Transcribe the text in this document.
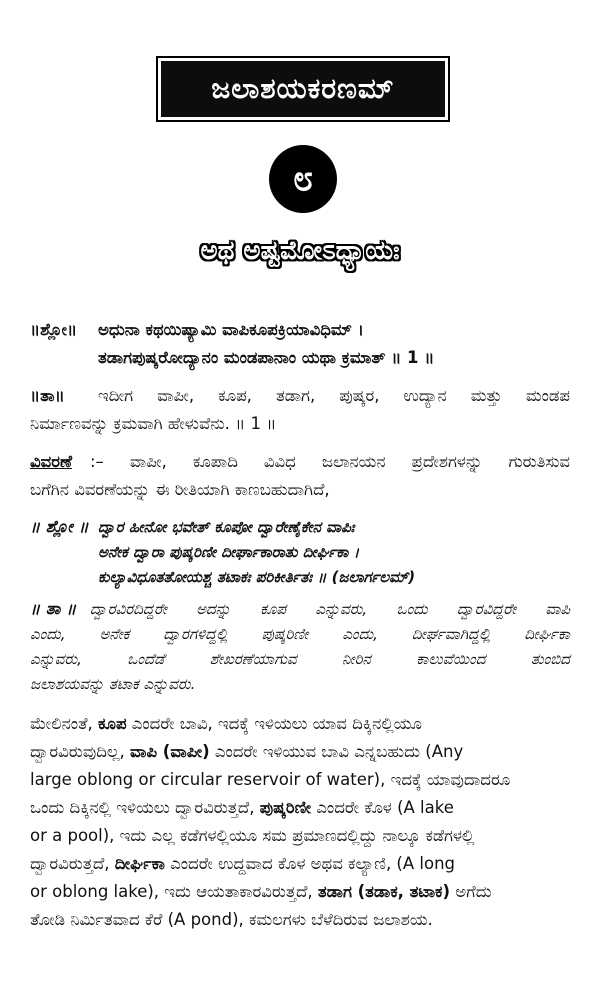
ಜಲಾಶಯಕರಣಮ್
೮
ಅಥ ಅಷ್ಟಮೋಽಧ್ಯಾಯಃ
॥ಶ್ಲೋ॥ ಅಧುನಾ ಕಥಯಿಷ್ಯಾಮಿ ವಾಪಿಕೂಪಕ್ರಿಯಾವಿಧಿಮ್ ।
ತಡಾಗಪುಷ್ಕರೋದ್ಯಾನಂ ಮಂಡಪಾನಾಂ ಯಥಾ ಕ್ರಮಾತ್ ॥ 1 ॥
॥ತಾ॥ ಇದೀಗ ವಾಪೀ, ಕೂಪ, ತಡಾಗ, ಪುಷ್ಕರ, ಉದ್ಯಾನ ಮತ್ತು ಮಂಡಪ
ನಿರ್ಮಾಣವನ್ನು ಕ್ರಮವಾಗಿ ಹೇಳುವೆನು. ॥ 1 ॥
ವಿವರಣೆ :– ವಾಪೀ, ಕೂಪಾದಿ ವಿವಿಧ ಜಲಾನಯನ ಪ್ರದೇಶಗಳನ್ನು ಗುರುತಿಸುವ
ಬಗೆಗಿನ ವಿವರಣೆಯನ್ನು ಈ ರೀತಿಯಾಗಿ ಕಾಣಬಹುದಾಗಿದೆ,
॥ ಶ್ಲೋ ॥ ದ್ವಾರ ಹೀನೋ ಭವೇತ್ ಕೂಪೋ ದ್ವಾರೇಣೈಕೇನ ವಾಪಿಃ
ಅನೇಕ ದ್ವಾರಾ ಪುಷ್ಕರಿಣೀ ದೀರ್ಘಾಕಾರಾತು ದೀರ್ಘಿಕಾ ।
ಕುಲ್ಯಾವಿಧೂತತೋಯಶ್ಚ ತಟಾಕಃ ಪರಿಕೀರ್ತಿತಃ ॥ (ಜಲಾರ್ಗಲಮ್)
॥ ತಾ ॥ ದ್ವಾರವಿರದಿದ್ದರೇ ಅದನ್ನು ಕೂಪ ಎನ್ನುವರು, ಒಂದು ದ್ವಾರವಿದ್ದರೇ ವಾಪಿ
ಎಂದು, ಅನೇಕ ದ್ವಾರಗಳಿದ್ದಲ್ಲಿ ಪುಷ್ಕರಿಣೀ ಎಂದು, ದೀರ್ಘವಾಗಿದ್ದಲ್ಲಿ ದೀರ್ಘಿಕಾ
ಎನ್ನುವರು, ಒಂದೆಡೆ ಶೇಖರಣೆಯಾಗುವ ನೀರಿನ ಕಾಲುವೆಯಿಂದ ತುಂಬಿದ
ಜಲಾಶಯವನ್ನು ತಟಾಕ ಎನ್ನುವರು.
ಮೇಲಿನಂತೆ, ಕೂಪ ಎಂದರೇ ಬಾವಿ, ಇದಕ್ಕೆ ಇಳಿಯಲು ಯಾವ ದಿಕ್ಕಿನಲ್ಲಿಯೂ
ದ್ವಾರವಿರುವುದಿಲ್ಲ, ವಾಪಿ (ವಾಪೀ) ಎಂದರೇ ಇಳಿಯುವ ಬಾವಿ ಎನ್ನಬಹುದು (Any
large oblong or circular reservoir of water), ಇದಕ್ಕೆ ಯಾವುದಾದರೂ
ಒಂದು ದಿಕ್ಕಿನಲ್ಲಿ ಇಳಿಯಲು ದ್ವಾರವಿರುತ್ತದೆ, ಪುಷ್ಕರಿಣೀ ಎಂದರೇ ಕೊಳ (A lake
or a pool), ಇದು ಎಲ್ಲ ಕಡೆಗಳಲ್ಲಿಯೂ ಸಮ ಪ್ರಮಾಣದಲ್ಲಿದ್ದು ನಾಲ್ಕೂ ಕಡೆಗಳಲ್ಲಿ
ದ್ವಾರವಿರುತ್ತದೆ, ದೀರ್ಘಿಕಾ ಎಂದರೇ ಉದ್ದವಾದ ಕೊಳ ಅಥವ ಕಲ್ಯಾಣಿ, (A long
or oblong lake), ಇದು ಆಯತಾಕಾರವಿರುತ್ತದೆ, ತಡಾಗ (ತಡಾಕ, ತಟಾಕ) ಅಗೆದು
ತೋಡಿ ನಿರ್ಮಿತವಾದ ಕೆರೆ (A pond), ಕಮಲಗಳು ಬೆಳೆದಿರುವ ಜಲಾಶಯ.
